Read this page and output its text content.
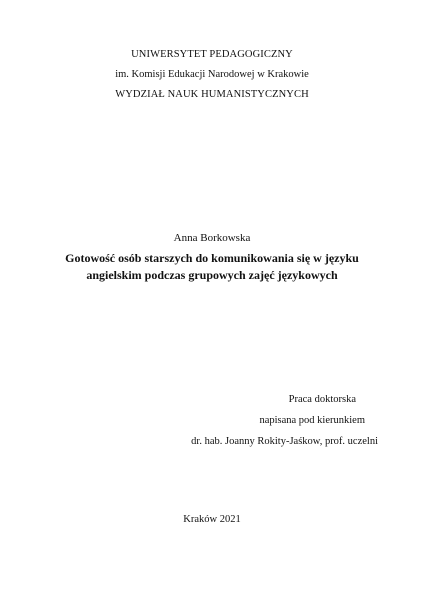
UNIWERSYTET PEDAGOGICZNY
im. Komisji Edukacji Narodowej w Krakowie
WYDZIAŁ NAUK HUMANISTYCZNYCH
Anna Borkowska
Gotowość osób starszych do komunikowania się w języku
angielskim podczas grupowych zajęć językowych
Praca doktorska
napisana pod kierunkiem
dr. hab. Joanny Rokity-Jaśkow, prof. uczelni
Kraków 2021
